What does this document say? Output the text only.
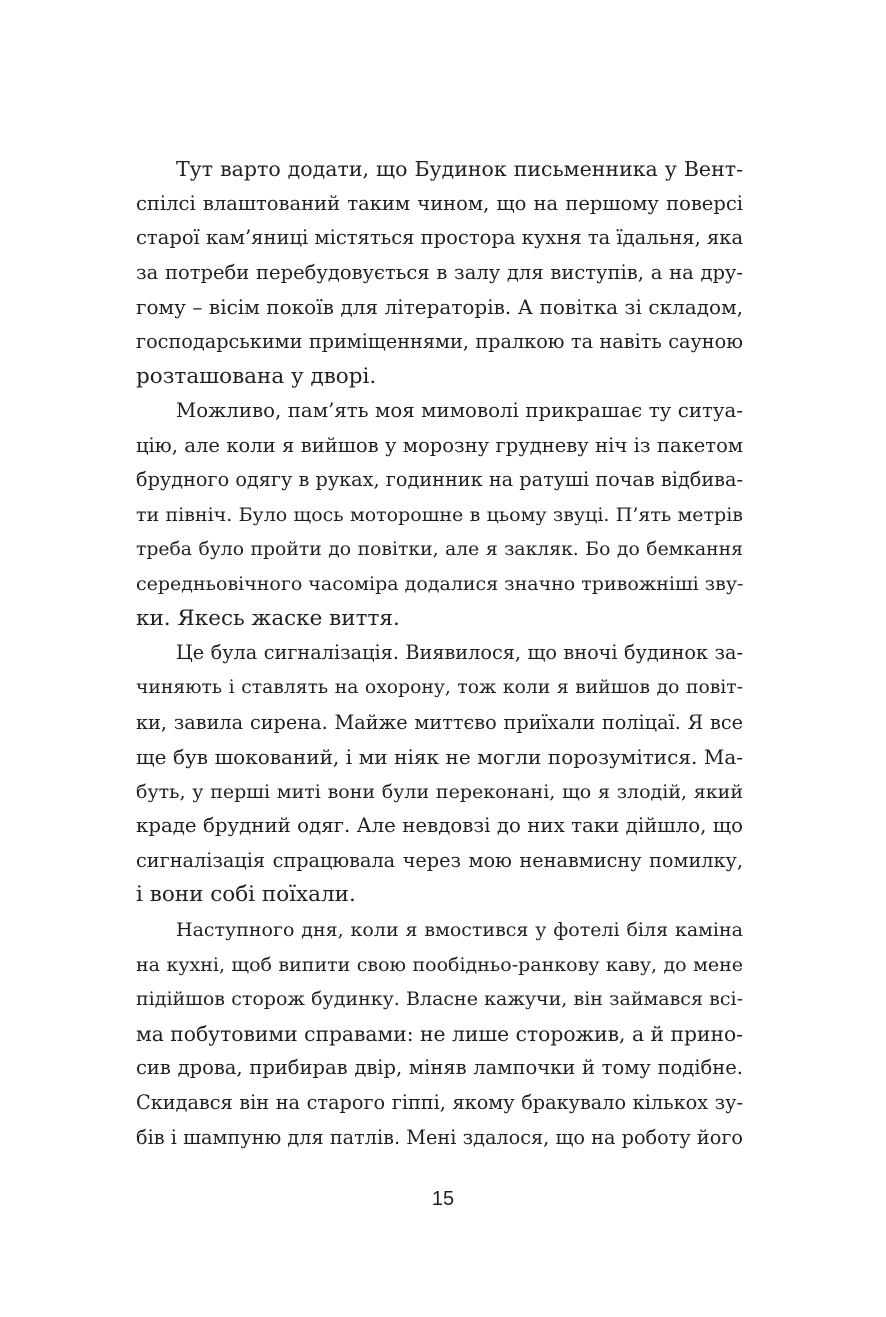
Тут варто додати, що Будинок письменника у Вент-
спілсі влаштований таким чином, що на першому поверсі
старої кам’яниці містяться простора кухня та їдальня, яка
за потреби перебудовується в залу для виступів, а на дру-
гому – вісім покоїв для літераторів. А повітка зі складом,
господарськими приміщеннями, пралкою та навіть сауною
розташована у дворі.
Можливо, пам’ять моя мимоволі прикрашає ту ситуа-
цію, але коли я вийшов у морозну грудневу ніч із пакетом
брудного одягу в руках, годинник на ратуші почав відбива-
ти північ. Було щось моторошне в цьому звуці. П’ять метрів
треба було пройти до повітки, але я закляк. Бо до бемкання
середньовічного часоміра додалися значно тривожніші зву-
ки. Якесь жаске виття.
Це була сигналізація. Виявилося, що вночі будинок за-
чиняють і ставлять на охорону, тож коли я вийшов до повіт-
ки, завила сирена. Майже миттєво приїхали поліцаї. Я все
ще був шокований, і ми ніяк не могли порозумітися. Ма-
буть, у перші миті вони були переконані, що я злодій, який
краде брудний одяг. Але невдовзі до них таки дійшло, що
сигналізація спрацювала через мою ненавмисну помилку,
і вони собі поїхали.
Наступного дня, коли я вмостився у фотелі біля каміна
на кухні, щоб випити свою пообідньо-ранкову каву, до мене
підійшов сторож будинку. Власне кажучи, він займався всі-
ма побутовими справами: не лише сторожив, а й прино-
сив дрова, прибирав двір, міняв лампочки й тому подібне.
Скидався він на старого гіппі, якому бракувало кількох зу-
бів і шампуню для патлів. Мені здалося, що на роботу його
15
